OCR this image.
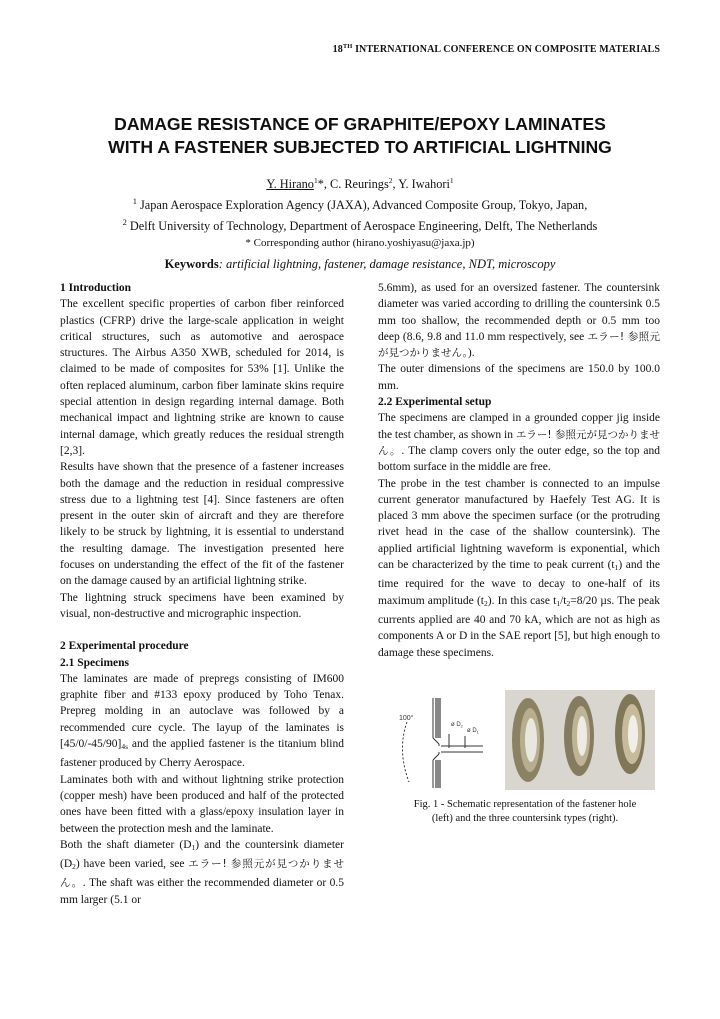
18TH INTERNATIONAL CONFERENCE ON COMPOSITE MATERIALS
DAMAGE RESISTANCE OF GRAPHITE/EPOXY LAMINATES
WITH A FASTENER SUBJECTED TO ARTIFICIAL LIGHTNING
Y. Hirano$^1$*, C. Reurings$^2$, Y. Iwahori$^1$
$^1$ Japan Aerospace Exploration Agency (JAXA), Advanced Composite Group, Tokyo, Japan,
$^2$ Delft University of Technology, Department of Aerospace Engineering, Delft, The Netherlands
* Corresponding author (hirano.yoshiyasu@jaxa.jp)
Keywords: artificial lightning, fastener, damage resistance, NDT, microscopy

1 Introduction

The excellent specific properties of carbon fiber reinforced plastics (CFRP) drive the large-scale application in weight critical structures, such as automotive and aerospace structures. The Airbus A350 XWB, scheduled for 2014, is claimed to be made of composites for 53% [1]. Unlike the often replaced aluminum, carbon fiber laminate skins require special attention in design regarding internal damage. Both mechanical impact and lightning strike are known to cause internal damage, which greatly reduces the residual strength [2,3].

Results have shown that the presence of a fastener increases both the damage and the reduction in residual compressive stress due to a lightning test [4]. Since fasteners are often present in the outer skin of aircraft and they are therefore likely to be struck by lightning, it is essential to understand the resulting damage. The investigation presented here focuses on understanding the effect of the fit of the fastener on the damage caused by an artificial lightning strike.

The lightning struck specimens have been examined by visual, non-destructive and micrographic inspection.

2 Experimental procedure

2.1 Specimens

The laminates are made of prepregs consisting of IM600 graphite fiber and #133 epoxy produced by Toho Tenax. Prepreg molding in an autoclave was followed by a recommended cure cycle. The layup of the laminates is $[45/0/-45/90]_{4s}$ and the applied fastener is the titanium blind fastener produced by Cherry Aerospace.

Laminates both with and without lightning strike protection (copper mesh) have been produced and half of the protected ones have been fitted with a glass/epoxy insulation layer in between the protection mesh and the laminate.

Both the shaft diameter $(D_1)$ and the countersink diameter $(D_2)$ have been varied, see エラー! 参照元が見つかりません。. The shaft was either the recommended diameter or 0.5 mm larger (5.1 or

5.6mm), as used for an oversized fastener. The countersink diameter was varied according to drilling the countersink 0.5 mm too shallow, the recommended depth or 0.5 mm too deep (8.6, 9.8 and 11.0 mm respectively, see エラー! 参照元が見つかりません。).

The outer dimensions of the specimens are 150.0 by 100.0 mm.

2.2 Experimental setup

The specimens are clamped in a grounded copper jig inside the test chamber, as shown in エラー! 参照元が見つかりません。. The clamp covers only the outer edge, so the top and bottom surface in the middle are free.

The probe in the test chamber is connected to an impulse current generator manufactured by Haefely Test AG. It is placed 3 mm above the specimen surface (or the protruding rivet head in the case of the shallow countersink). The applied artificial lightning waveform is exponential, which can be characterized by the time to peak current $(t_1)$ and the time required for the wave to decay to one-half of its maximum amplitude $(t_2)$. In this case $t_1/t_2=8/20$ µs. The peak currents applied are 40 and 70 kA, which are not as high as components A or D in the SAE report [5], but high enough to damage these specimens.

100°
ø $D_2$
ø $D_1$
Fig. 1 - Schematic representation of the fastener hole
(left) and the three countersink types (right).
